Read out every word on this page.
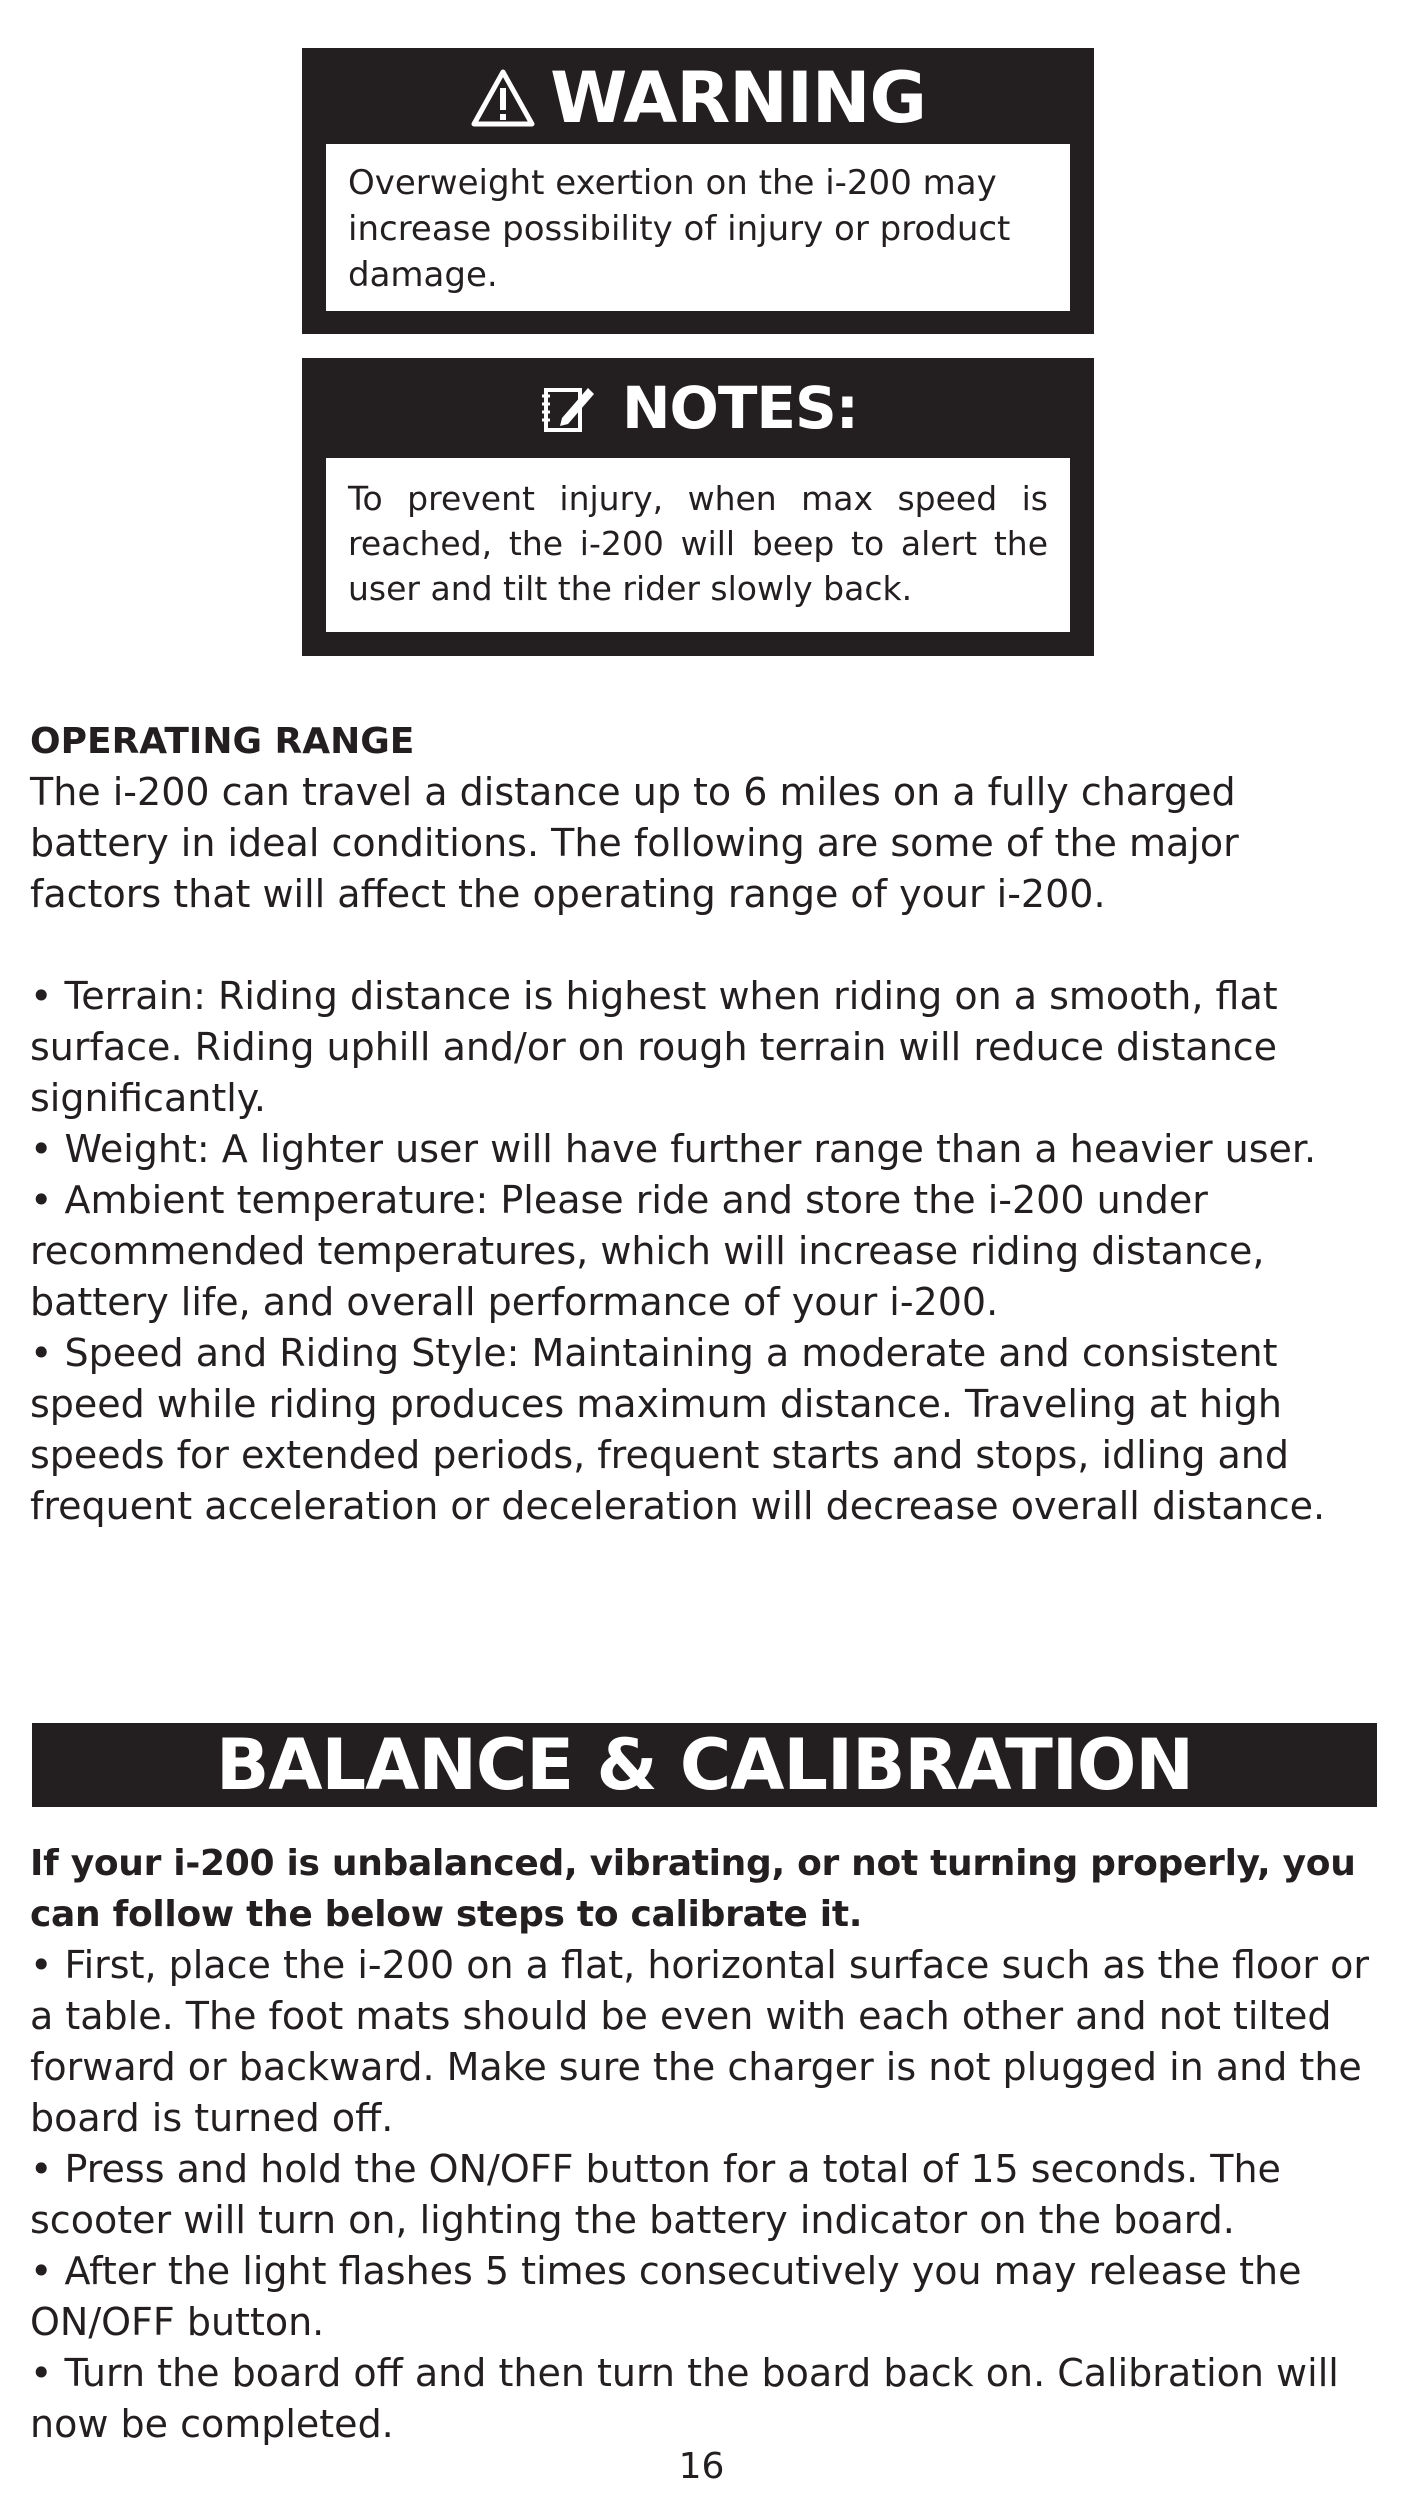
WARNING
Overweight exertion on the i-200 may increase possibility of injury or product damage.
NOTES:
To prevent injury, when max speed is reached, the i-200 will beep to alert the user and tilt the rider slowly back.

OPERATING RANGE

The i-200 can travel a distance up to 6 miles on a fully charged battery in ideal conditions. The following are some of the major factors that will affect the operating range of your i-200.

• Terrain: Riding distance is highest when riding on a smooth, flat surface. Riding uphill and/or on rough terrain will reduce distance significantly.

• Weight: A lighter user will have further range than a heavier user.

• Ambient temperature: Please ride and store the i-200 under recommended temperatures, which will increase riding distance, battery life, and overall performance of your i-200.

• Speed and Riding Style: Maintaining a moderate and consistent speed while riding produces maximum distance. Traveling at high speeds for extended periods, frequent starts and stops, idling and frequent acceleration or deceleration will decrease overall distance.

BALANCE & CALIBRATION

If your i-200 is unbalanced, vibrating, or not turning properly, you can follow the below steps to calibrate it.

• First, place the i-200 on a flat, horizontal surface such as the floor or a table. The foot mats should be even with each other and not tilted forward or backward. Make sure the charger is not plugged in and the board is turned off.

• Press and hold the ON/OFF button for a total of 15 seconds. The scooter will turn on, lighting the battery indicator on the board.

• After the light flashes 5 times consecutively you may release the ON/OFF button.

• Turn the board off and then turn the board back on. Calibration will now be completed.

16
